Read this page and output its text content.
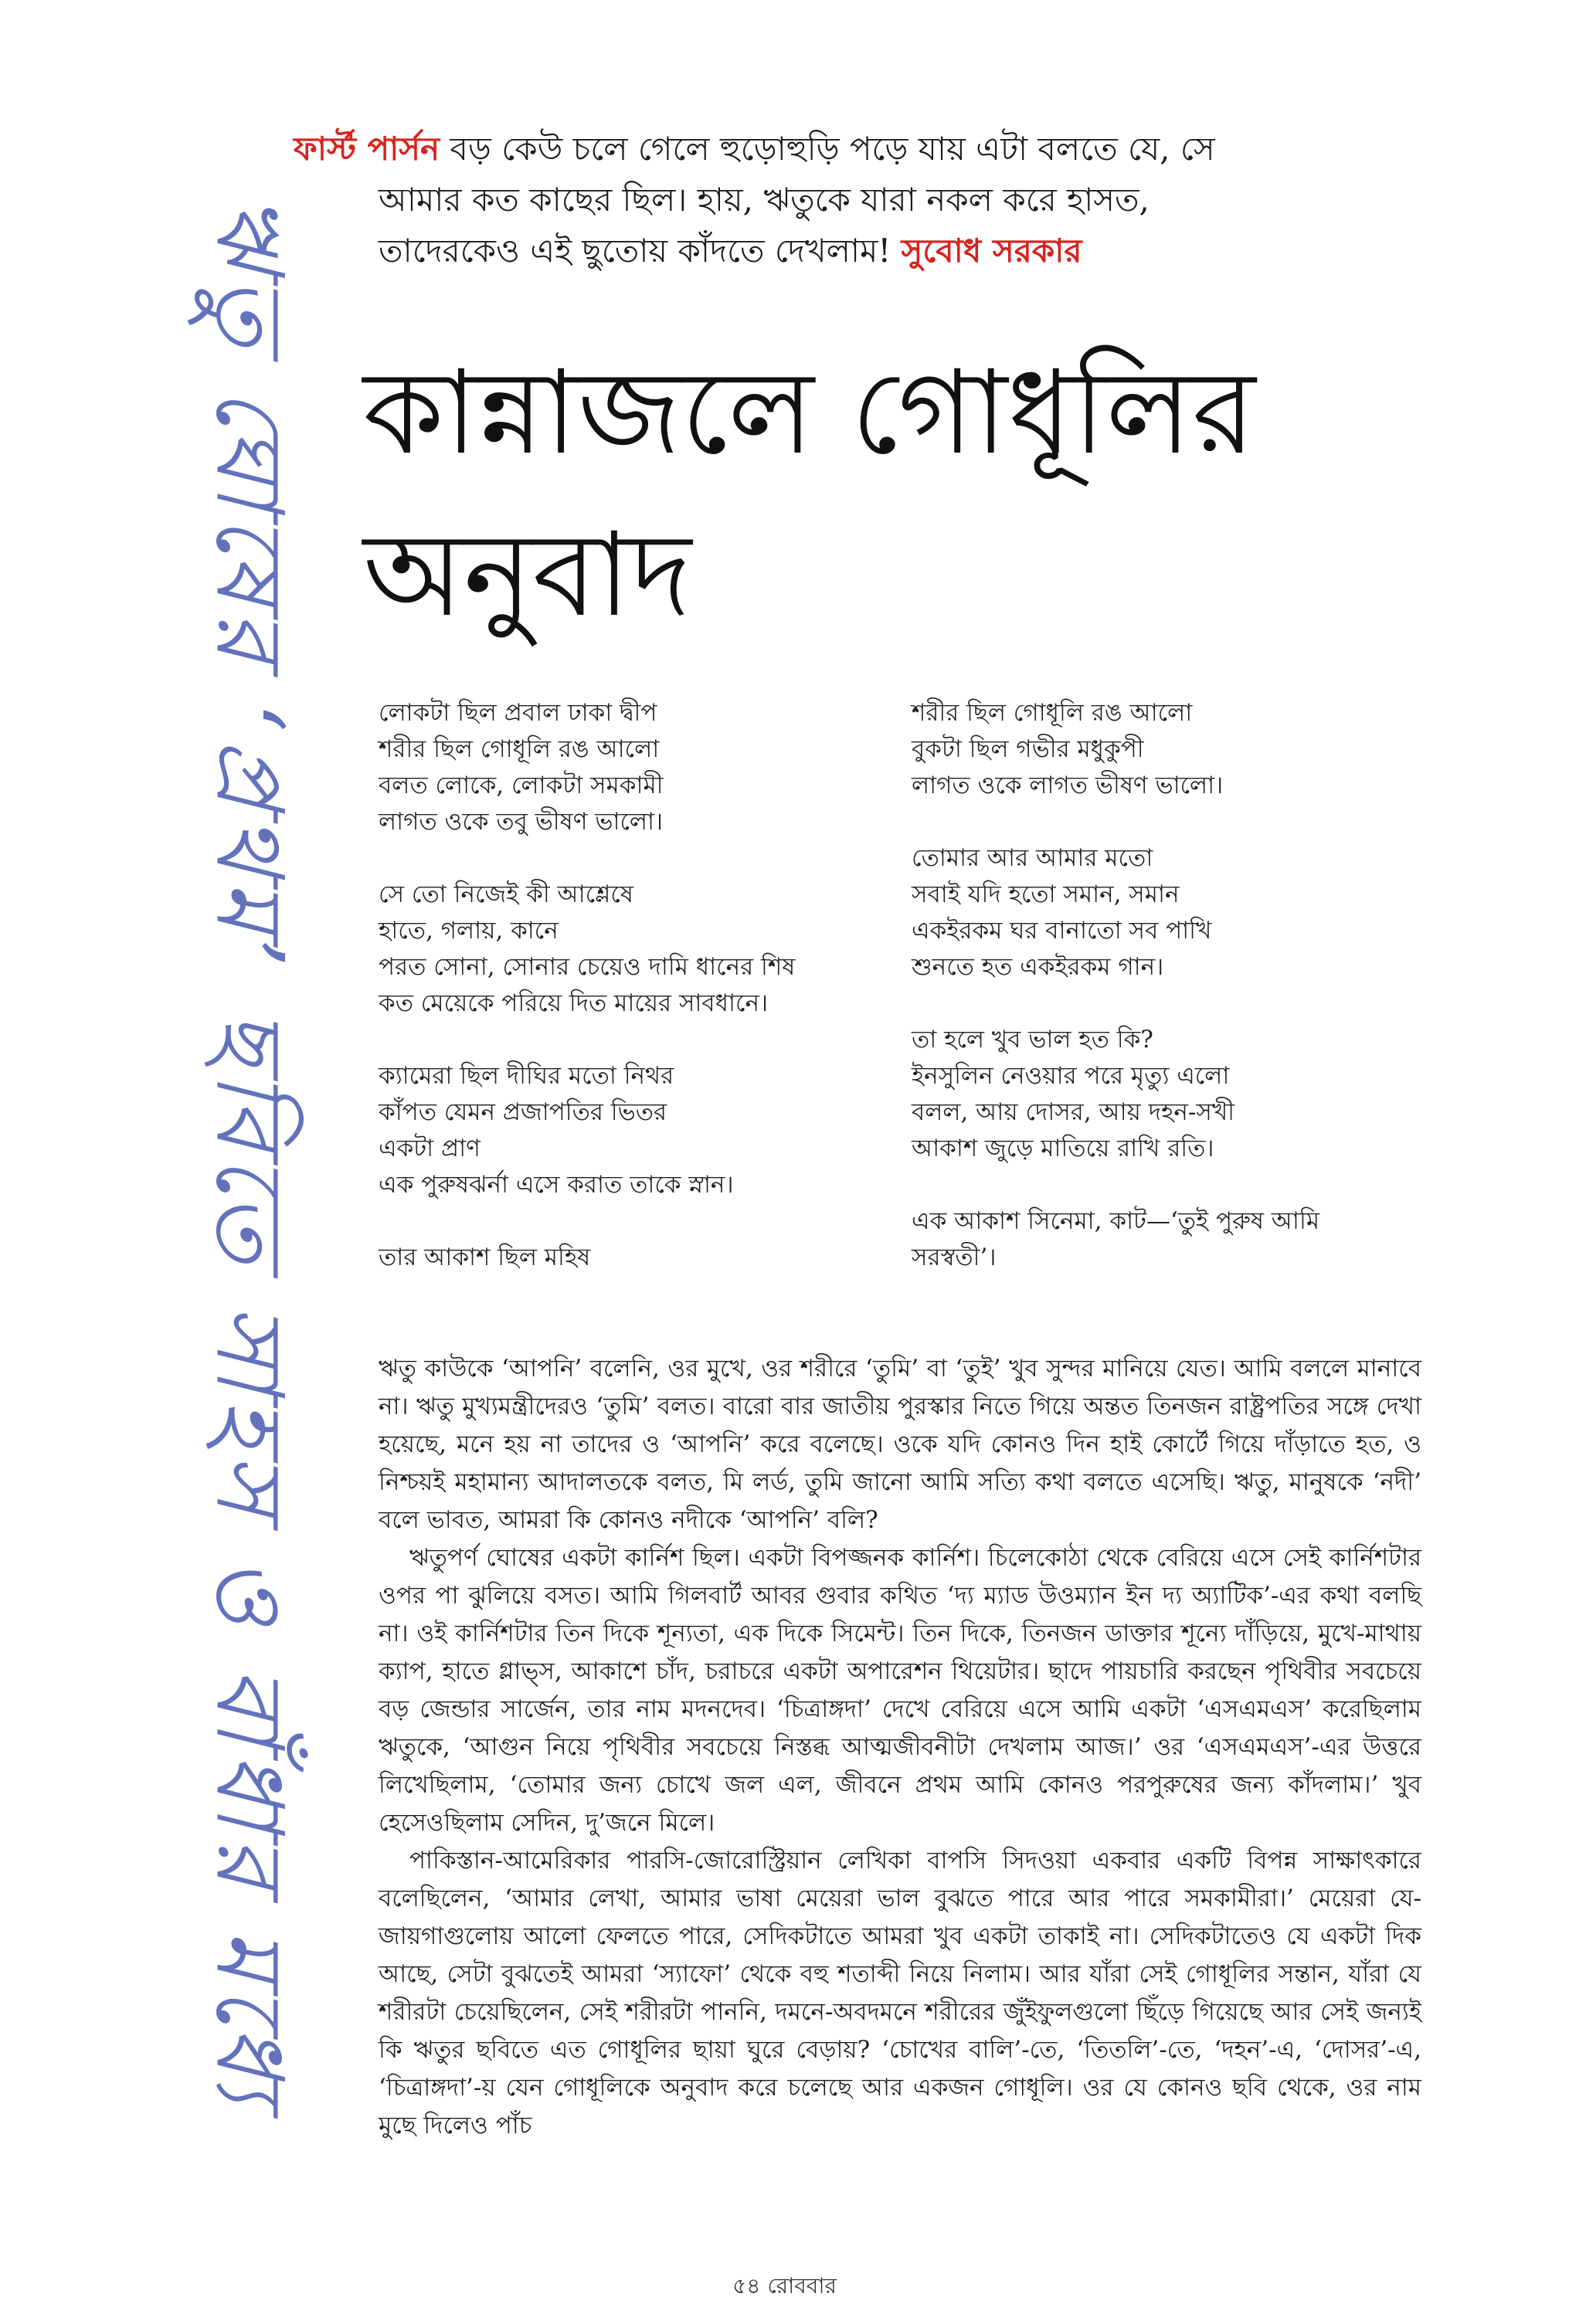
ঋতু ঘোষের ‘প্রথম’ ছবিতে সাহস ও বাঁধার মধ্যে
ফার্স্ট পার্সন বড় কেউ চলে গেলে হুড়োহুড়ি পড়ে যায় এটা বলতে যে, সে
আমার কত কাছের ছিল। হায়, ঋতুকে যারা নকল করে হাসত,
তাদেরকেও এই ছুতোয় কাঁদতে দেখলাম! সুবোধ সরকার
কান্নাজলে গোধূলির
অনুবাদ
লোকটা ছিল প্রবাল ঢাকা দ্বীপ
শরীর ছিল গোধূলি রঙ আলো
বলত লোকে, লোকটা সমকামী
লাগত ওকে তবু ভীষণ ভালো।
সে তো নিজেই কী আশ্লেষে
হাতে, গলায়, কানে
পরত সোনা, সোনার চেয়েও দামি ধানের শিষ
কত মেয়েকে পরিয়ে দিত মায়ের সাবধানে।
ক্যামেরা ছিল দীঘির মতো নিথর
কাঁপত যেমন প্রজাপতির ভিতর
একটা প্রাণ
এক পুরুষঝর্না এসে করাত তাকে স্নান।
তার আকাশ ছিল মহিষ
শরীর ছিল গোধূলি রঙ আলো
বুকটা ছিল গভীর মধুকুপী
লাগত ওকে লাগত ভীষণ ভালো।
তোমার আর আমার মতো
সবাই যদি হতো সমান, সমান
একইরকম ঘর বানাতো সব পাখি
শুনতে হত একইরকম গান।
তা হলে খুব ভাল হত কি?
ইনসুলিন নেওয়ার পরে মৃত্যু এলো
বলল, আয় দোসর, আয় দহন-সখী
আকাশ জুড়ে মাতিয়ে রাখি রতি।
এক আকাশ সিনেমা, কাট—‘তুই পুরুষ আমি
সরস্বতী’।

ঋতু কাউকে ‘আপনি’ বলেনি, ওর মুখে, ওর শরীরে ‘তুমি’ বা ‘তুই’ খুব সুন্দর মানিয়ে যেত। আমি বললে মানাবে না। ঋতু মুখ্যমন্ত্রীদেরও ‘তুমি’ বলত। বারো বার জাতীয় পুরস্কার নিতে গিয়ে অন্তত তিনজন রাষ্ট্রপতির সঙ্গে দেখা হয়েছে, মনে হয় না তাদের ও ‘আপনি’ করে বলেছে। ওকে যদি কোনও দিন হাই কোর্টে গিয়ে দাঁড়াতে হত, ও নিশ্চয়ই মহামান্য আদালতকে বলত, মি লর্ড, তুমি জানো আমি সত্যি কথা বলতে এসেছি। ঋতু, মানুষকে ‘নদী’ বলে ভাবত, আমরা কি কোনও নদীকে ‘আপনি’ বলি?

ঋতুপর্ণ ঘোষের একটা কার্নিশ ছিল। একটা বিপজ্জনক কার্নিশ। চিলেকোঠা থেকে বেরিয়ে এসে সেই কার্নিশটার ওপর পা ঝুলিয়ে বসত। আমি গিলবার্ট আবর গুবার কথিত ‘দ্য ম্যাড উওম্যান ইন দ্য অ্যাটিক’-এর কথা বলছি না। ওই কার্নিশটার তিন দিকে শূন্যতা, এক দিকে সিমেন্ট। তিন দিকে, তিনজন ডাক্তার শূন্যে দাঁড়িয়ে, মুখে-মাথায় ক্যাপ, হাতে গ্লাভ্‌স, আকাশে চাঁদ, চরাচরে একটা অপারেশন থিয়েটার। ছাদে পায়চারি করছেন পৃথিবীর সবচেয়ে বড় জেন্ডার সার্জেন, তার নাম মদনদেব। ‘চিত্রাঙ্গদা’ দেখে বেরিয়ে এসে আমি একটা ‘এসএমএস’ করেছিলাম ঋতুকে, ‘আগুন নিয়ে পৃথিবীর সবচেয়ে নিস্তব্ধ আত্মজীবনীটা দেখলাম আজ।’ ওর ‘এসএমএস’-এর উত্তরে লিখেছিলাম, ‘তোমার জন্য চোখে জল এল, জীবনে প্রথম আমি কোনও পরপুরুষের জন্য কাঁদলাম।’ খুব হেসেওছিলাম সেদিন, দু’জনে মিলে।

পাকিস্তান-আমেরিকার পারসি-জোরোস্ট্রিয়ান লেখিকা বাপসি সিদওয়া একবার একটি বিপন্ন সাক্ষাৎকারে বলেছিলেন, ‘আমার লেখা, আমার ভাষা মেয়েরা ভাল বুঝতে পারে আর পারে সমকামীরা।’ মেয়েরা যে-জায়গাগুলোয় আলো ফেলতে পারে, সেদিকটাতে আমরা খুব একটা তাকাই না। সেদিকটাতেও যে একটা দিক আছে, সেটা বুঝতেই আমরা ‘স্যাফো’ থেকে বহু শতাব্দী নিয়ে নিলাম। আর যাঁরা সেই গোধূলির সন্তান, যাঁরা যে শরীরটা চেয়েছিলেন, সেই শরীরটা পাননি, দমনে-অবদমনে শরীরের জুঁইফুলগুলো ছিঁড়ে গিয়েছে আর সেই জন্যই কি ঋতুর ছবিতে এত গোধূলির ছায়া ঘুরে বেড়ায়? ‘চোখের বালি’-তে, ‘তিতলি’-তে, ‘দহন’-এ, ‘দোসর’-এ, ‘চিত্রাঙ্গদা’-য় যেন গোধূলিকে অনুবাদ করে চলেছে আর একজন গোধূলি। ওর যে কোনও ছবি থেকে, ওর নাম মুছে দিলেও পাঁচ

৫৪ রোববার
